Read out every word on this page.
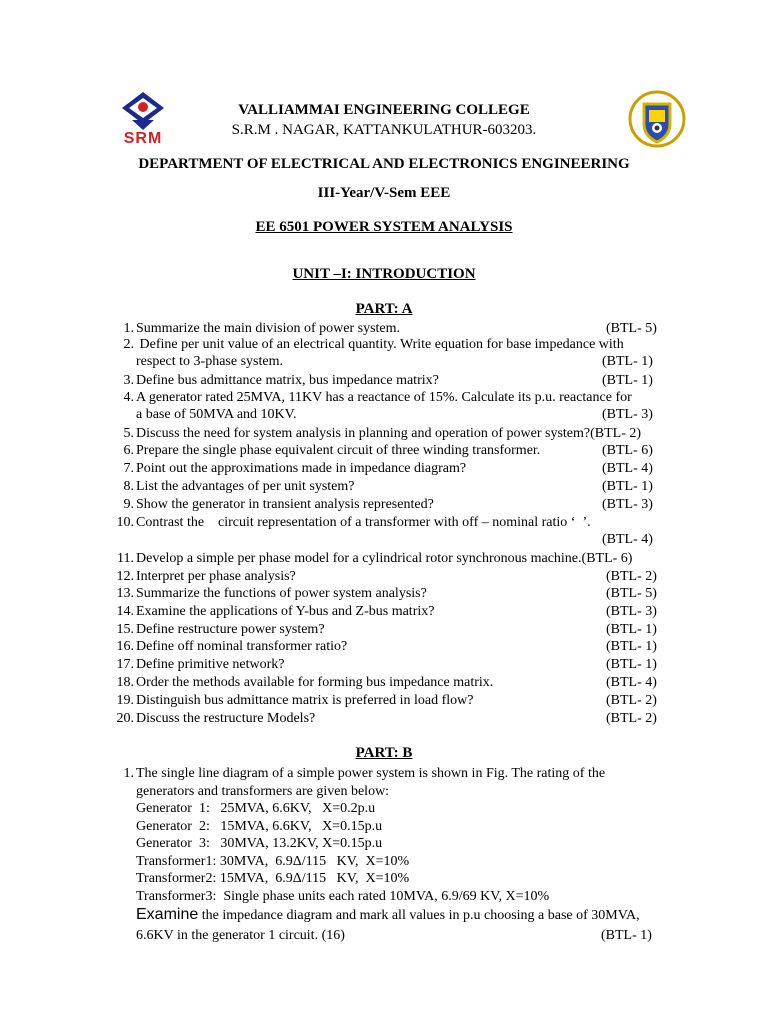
SRM
VALLIAMMAI ENGINEERING COLLEGE
S.R.M . NAGAR, KATTANKULATHUR-603203.
DEPARTMENT OF ELECTRICAL AND ELECTRONICS ENGINEERING
III-Year/V-Sem EEE
EE 6501 POWER SYSTEM ANALYSIS
UNIT –I: INTRODUCTION
PART: A
1. Summarize the main division of power system.	(BTL- 5)
2. Define per unit value of an electrical quantity. Write equation for base impedance with
respect to 3-phase system.	(BTL- 1)
3. Define bus admittance matrix, bus impedance matrix?	(BTL- 1)
4. A generator rated 25MVA, 11KV has a reactance of 15%. Calculate its p.u. reactance for
a base of 50MVA and 10KV.	(BTL- 3)
5. Discuss the need for system analysis in planning and operation of power system?(BTL- 2)
6. Prepare the single phase equivalent circuit of three winding transformer.	(BTL- 6)
7. Point out the approximations made in impedance diagram?	(BTL- 4)
8. List the advantages of per unit system?	(BTL- 1)
9. Show the generator in transient analysis represented?	(BTL- 3)
10. Contrast the    circuit representation of a transformer with off – nominal ratio ‘  ’.
(BTL- 4)
11. Develop a simple per phase model for a cylindrical rotor synchronous machine.(BTL- 6)
12. Interpret per phase analysis?	(BTL- 2)
13. Summarize the functions of power system analysis?	(BTL- 5)
14. Examine the applications of Y-bus and Z-bus matrix?	(BTL- 3)
15. Define restructure power system?	(BTL- 1)
16. Define off nominal transformer ratio?	(BTL- 1)
17. Define primitive network?	(BTL- 1)
18. Order the methods available for forming bus impedance matrix.	(BTL- 4)
19. Distinguish bus admittance matrix is preferred in load flow?	(BTL- 2)
20. Discuss the restructure Models?	(BTL- 2)
PART: B
1. The single line diagram of a simple power system is shown in Fig. The rating of the
generators and transformers are given below:
Generator  1:   25MVA, 6.6KV,   X=0.2p.u
Generator  2:   15MVA, 6.6KV,   X=0.15p.u
Generator  3:   30MVA, 13.2KV, X=0.15p.u
Transformer1: 30MVA,  6.9Δ/115   KV,  X=10%
Transformer2: 15MVA,  6.9Δ/115   KV,  X=10%
Transformer3:  Single phase units each rated 10MVA, 6.9/69 KV, X=10%
Examine the impedance diagram and mark all values in p.u choosing a base of 30MVA,
6.6KV in the generator 1 circuit. (16)	(BTL- 1)
